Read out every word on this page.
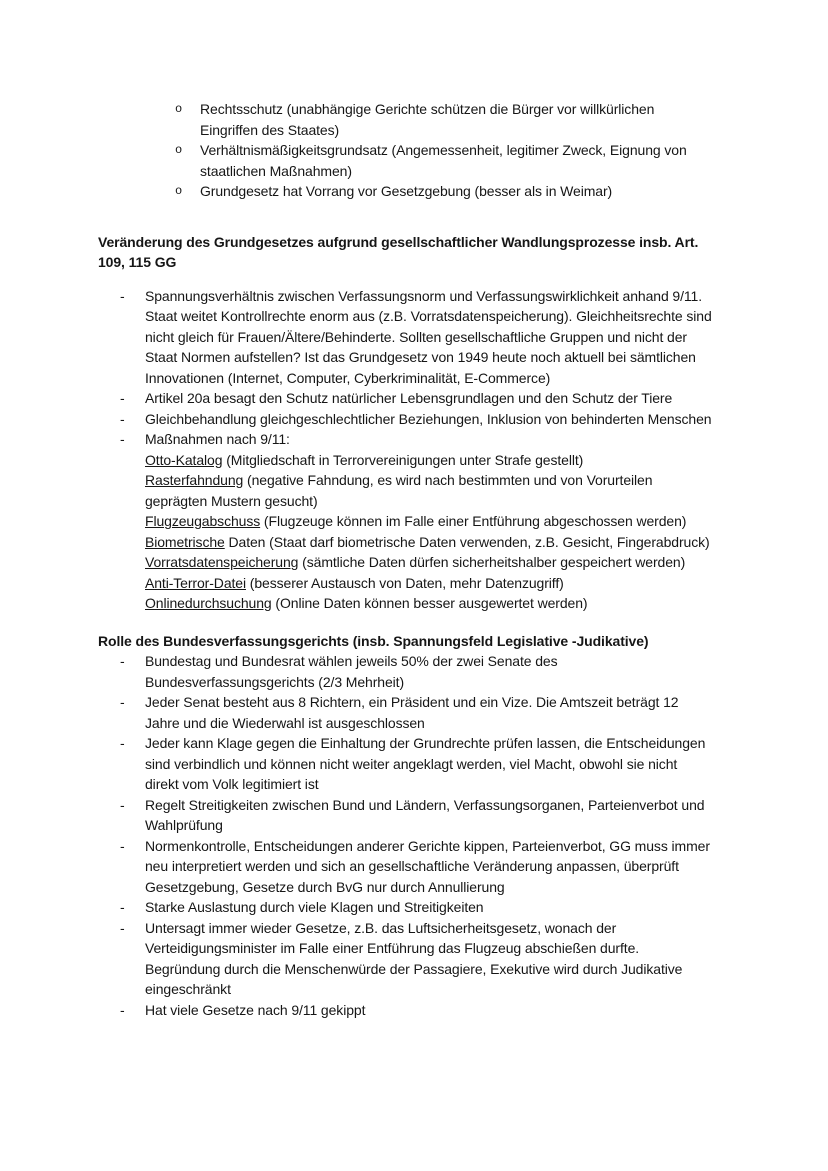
o	Rechtsschutz (unabhängige Gerichte schützen die Bürger vor willkürlichen Eingriffen des Staates)
o	Verhältnismäßigkeitsgrundsatz (Angemessenheit, legitimer Zweck, Eignung von staatlichen Maßnahmen)
o	Grundgesetz hat Vorrang vor Gesetzgebung (besser als in Weimar)
Veränderung des Grundgesetzes aufgrund gesellschaftlicher Wandlungsprozesse insb. Art. 109, 115 GG
-	Spannungsverhältnis zwischen Verfassungsnorm und Verfassungswirklichkeit anhand 9/11. Staat weitet Kontrollrechte enorm aus (z.B. Vorratsdatenspeicherung). Gleichheitsrechte sind nicht gleich für Frauen/Ältere/Behinderte. Sollten gesellschaftliche Gruppen und nicht der Staat Normen aufstellen? Ist das Grundgesetz von 1949 heute noch aktuell bei sämtlichen Innovationen (Internet, Computer, Cyberkriminalität, E-Commerce)
-	Artikel 20a besagt den Schutz natürlicher Lebensgrundlagen und den Schutz der Tiere
-	Gleichbehandlung gleichgeschlechtlicher Beziehungen, Inklusion von behinderten Menschen
-	Maßnahmen nach 9/11:
Otto-Katalog (Mitgliedschaft in Terrorvereinigungen unter Strafe gestellt)
Rasterfahndung (negative Fahndung, es wird nach bestimmten und von Vorurteilen geprägten Mustern gesucht)
Flugzeugabschuss (Flugzeuge können im Falle einer Entführung abgeschossen werden)
Biometrische Daten (Staat darf biometrische Daten verwenden, z.B. Gesicht, Fingerabdruck)
Vorratsdatenspeicherung (sämtliche Daten dürfen sicherheitshalber gespeichert werden)
Anti-Terror-Datei (besserer Austausch von Daten, mehr Datenzugriff)
Onlinedurchsuchung (Online Daten können besser ausgewertet werden)
Rolle des Bundesverfassungsgerichts (insb. Spannungsfeld Legislative -Judikative)
-	Bundestag und Bundesrat wählen jeweils 50% der zwei Senate des Bundesverfassungsgerichts (2/3 Mehrheit)
-	Jeder Senat besteht aus 8 Richtern, ein Präsident und ein Vize. Die Amtszeit beträgt 12 Jahre und die Wiederwahl ist ausgeschlossen
-	Jeder kann Klage gegen die Einhaltung der Grundrechte prüfen lassen, die Entscheidungen sind verbindlich und können nicht weiter angeklagt werden, viel Macht, obwohl sie nicht direkt vom Volk legitimiert ist
-	Regelt Streitigkeiten zwischen Bund und Ländern, Verfassungsorganen, Parteienverbot und Wahlprüfung
-	Normenkontrolle, Entscheidungen anderer Gerichte kippen, Parteienverbot, GG muss immer neu interpretiert werden und sich an gesellschaftliche Veränderung anpassen, überprüft Gesetzgebung, Gesetze durch BvG nur durch Annullierung
-	Starke Auslastung durch viele Klagen und Streitigkeiten
-	Untersagt immer wieder Gesetze, z.B. das Luftsicherheitsgesetz, wonach der Verteidigungsminister im Falle einer Entführung das Flugzeug abschießen durfte. Begründung durch die Menschenwürde der Passagiere, Exekutive wird durch Judikative eingeschränkt
-	Hat viele Gesetze nach 9/11 gekippt
